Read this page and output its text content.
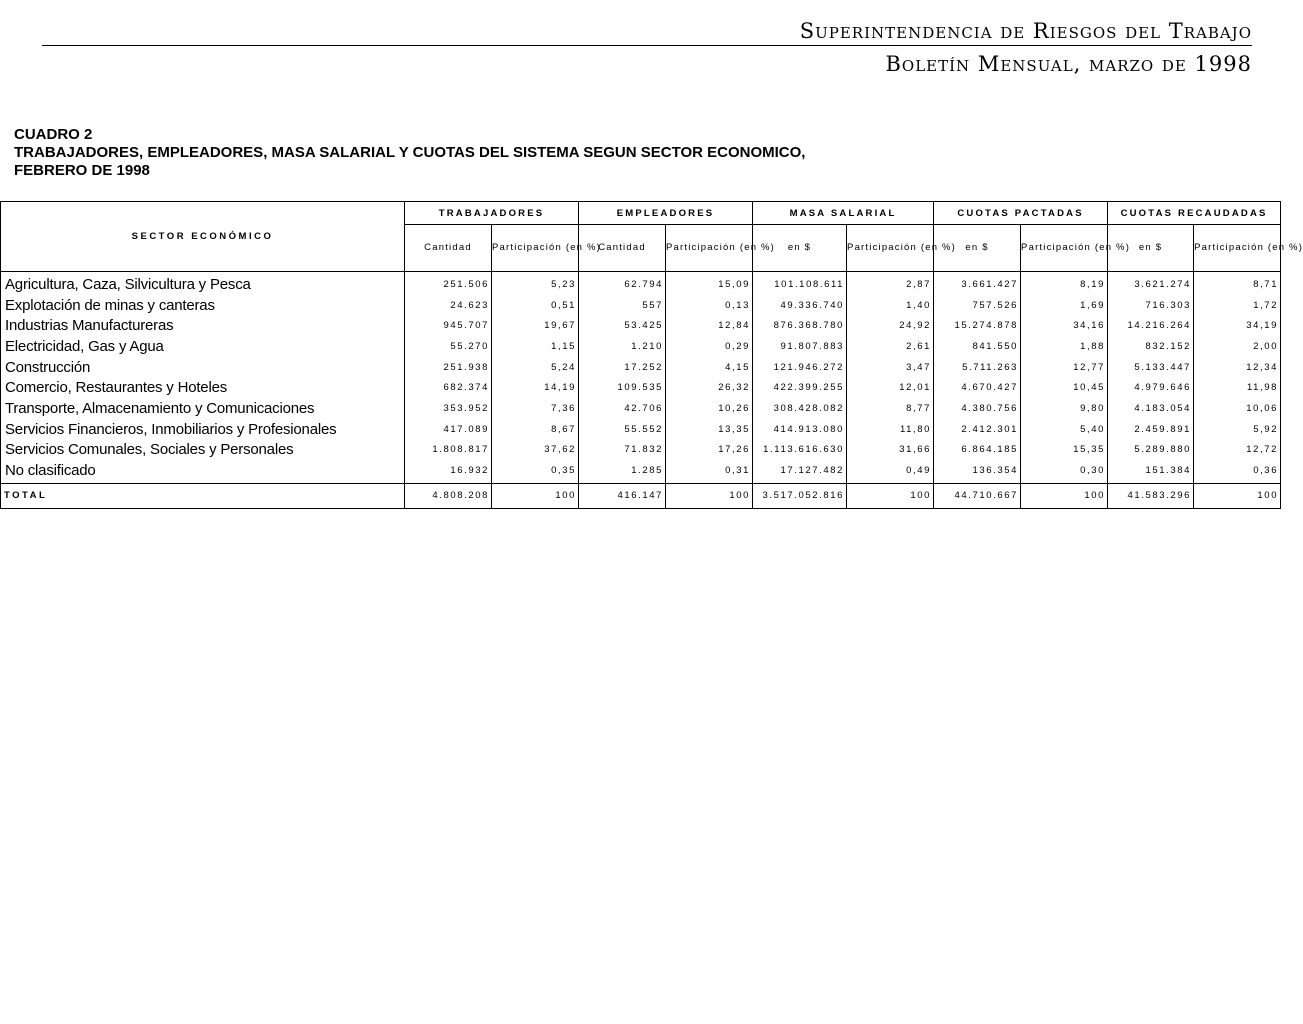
Superintendencia de Riesgos del Trabajo
Boletín Mensual, marzo de 1998
CUADRO 2
TRABAJADORES, EMPLEADORES, MASA SALARIAL Y CUOTAS DEL SISTEMA SEGUN SECTOR ECONOMICO,
FEBRERO DE 1998
SECTOR ECONÓMICO	TRABAJADORES		EMPLEADORES		MASA SALARIAL		CUOTAS PACTADAS		CUOTAS RECAUDADAS	
	Cantidad	Participación (en %)	Cantidad	Participación (en %)	en $	Participación (en %)	en $	Participación (en %)	en $	Participación (en %)
Agricultura, Caza, Silvicultura y Pesca	251.506	5,23	62.794	15,09	101.108.611	2,87	3.661.427	8,19	3.621.274	8,71
Explotación de minas y canteras	24.623	0,51	557	0,13	49.336.740	1,40	757.526	1,69	716.303	1,72
Industrias Manufactureras	945.707	19,67	53.425	12,84	876.368.780	24,92	15.274.878	34,16	14.216.264	34,19
Electricidad, Gas y Agua	55.270	1,15	1.210	0,29	91.807.883	2,61	841.550	1,88	832.152	2,00
Construcción	251.938	5,24	17.252	4,15	121.946.272	3,47	5.711.263	12,77	5.133.447	12,34
Comercio, Restaurantes y Hoteles	682.374	14,19	109.535	26,32	422.399.255	12,01	4.670.427	10,45	4.979.646	11,98
Transporte, Almacenamiento y Comunicaciones	353.952	7,36	42.706	10,26	308.428.082	8,77	4.380.756	9,80	4.183.054	10,06
Servicios Financieros, Inmobiliarios y Profesionales	417.089	8,67	55.552	13,35	414.913.080	11,80	2.412.301	5,40	2.459.891	5,92
Servicios Comunales, Sociales y Personales	1.808.817	37,62	71.832	17,26	1.113.616.630	31,66	6.864.185	15,35	5.289.880	12,72
No clasificado	16.932	0,35	1.285	0,31	17.127.482	0,49	136.354	0,30	151.384	0,36
TOTAL	4.808.208	100	416.147	100	3.517.052.816	100	44.710.667	100	41.583.296	100
